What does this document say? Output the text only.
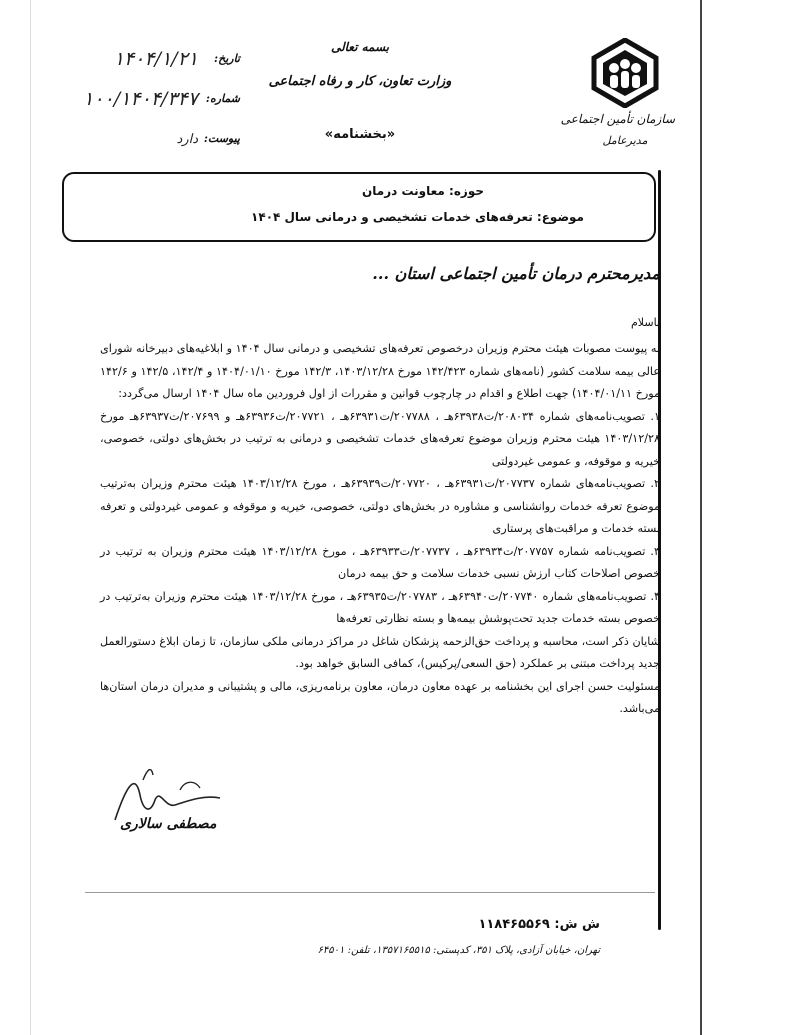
سازمان تأمین اجتماعی
مدیرعامل
بسمه تعالی
وزارت تعاون، کار و رفاه اجتماعی
«بخشنامه»
تاریخ:
۱۴۰۴/۱/۲۱
شماره:
۱۰۰/۱۴۰۴/۳۴۷
پیوست:
دارد
حوزه: معاونت درمان
موضوع: تعرفه‌های خدمات تشخیصی و درمانی سال ۱۴۰۴
مدیرمحترم درمان تأمین اجتماعی استان ...
باسلام

به پیوست مصوبات هیئت محترم وزیران درخصوص تعرفه‌های تشخیصی و درمانی سال ۱۴۰۴ و ابلاغیه‌های دبیرخانه شورای عالی بیمه سلامت کشور (نامه‌های شماره ۱۴۲/۴۲۳ مورخ ۱۴۰۳/۱۲/۲۸، ۱۴۲/۳ مورخ ۱۴۰۴/۰۱/۱۰ و ۱۴۲/۴، ۱۴۲/۵ و ۱۴۲/۶ مورخ ۱۴۰۴/۰۱/۱۱) جهت اطلاع و اقدام در چارچوب قوانین و مقررات از اول فروردین ماه سال ۱۴۰۴ ارسال می‌گردد:

۱. تصویب‌نامه‌های شماره ۲۰۸۰۳۴/ت۶۳۹۳۸هـ ، ۲۰۷۷۸۸/ت۶۳۹۳۱هـ ، ۲۰۷۷۲۱/ت۶۳۹۳۶هـ و ۲۰۷۶۹۹/ت۶۳۹۳۷هـ مورخ ۱۴۰۳/۱۲/۲۸ هیئت محترم وزیران موضوع تعرفه‌های خدمات تشخیصی و درمانی به ترتیب در بخش‌های دولتی، خصوصی، خیریه و موقوفه، و عمومی غیردولتی

۲. تصویب‌نامه‌های شماره ۲۰۷۷۳۷/ت۶۳۹۳۱هـ ، ۲۰۷۷۲۰/ت۶۳۹۳۹هـ ، مورخ ۱۴۰۳/۱۲/۲۸ هیئت محترم وزیران به‌ترتیب موضوع تعرفه خدمات روانشناسی و مشاوره در بخش‌های دولتی، خصوصی، خیریه و موقوفه و عمومی غیردولتی و تعرفه بسته خدمات و مراقبت‌های پرستاری

۳. تصویب‌نامه شماره ۲۰۷۷۵۷/ت۶۳۹۳۴هـ ، ۲۰۷۷۳۷/ت۶۳۹۳۳هـ ، مورخ ۱۴۰۳/۱۲/۲۸ هیئت محترم وزیران به ترتیب در خصوص اصلاحات کتاب ارزش نسبی خدمات سلامت و حق بیمه درمان

۴. تصویب‌نامه‌های شماره ۲۰۷۷۴۰/ت۶۳۹۴۰هـ ، ۲۰۷۷۸۳/ت۶۳۹۳۵هـ ، مورخ ۱۴۰۳/۱۲/۲۸ هیئت محترم وزیران به‌ترتیب در خصوص بسته خدمات جدید تحت‌پوشش بیمه‌ها و بسته نظارتی تعرفه‌ها

شایان ذکر است، محاسبه و پرداخت حق‌الزحمه پزشکان شاغل در مراکز درمانی ملکی سازمان، تا زمان ابلاغ دستورالعمل جدید پرداخت مبتنی بر عملکرد (حق السعی/پرکیس)، کمافی السابق خواهد بود.

مسئولیت حسن اجرای این بخشنامه بر عهده معاون درمان، معاون برنامه‌ریزی، مالی و پشتیبانی و مدیران درمان استان‌ها می‌باشد.

مصطفی سالاری
ش ش: ۱۱۸۴۶۵۵۶۹
تهران، خیابان آزادی، پلاک ۳۵۱، کدپستی: ۱۳۵۷۱۶۵۵۱۵، تلفن: ۶۴۵۰۱
